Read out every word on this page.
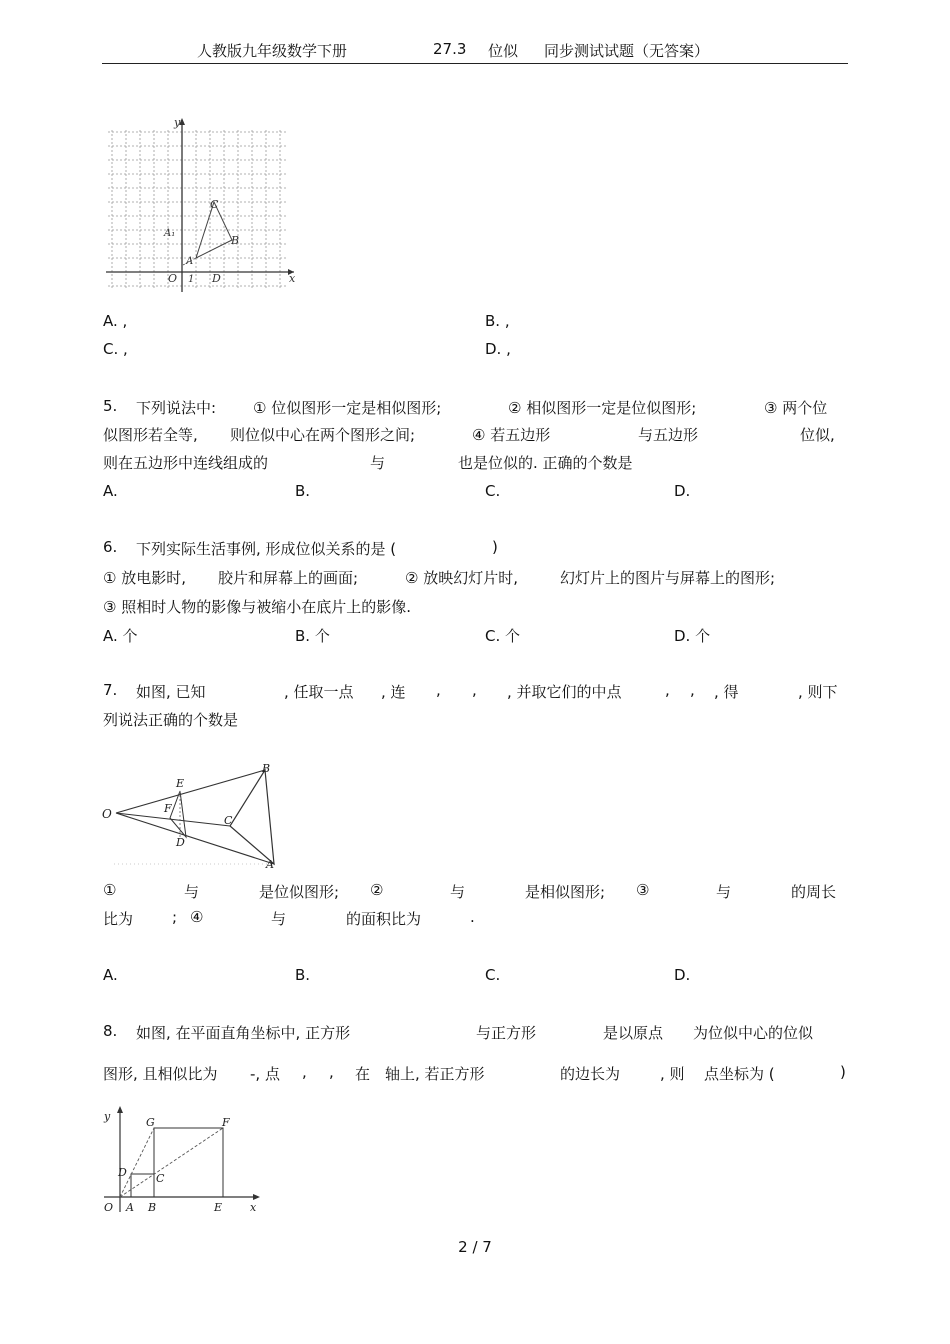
人教版九年级数学下册	27.3 位似 同步测试试题（无答案）
y
x
O
C
B
A
D
A₁
1
A. ,	B. ,
C. ,	D. ,
5. 下列说法中: ① 位似图形一定是相似图形;	② 相似图形一定是位似图形;	③ 两个位
似图形若全等, 则位似中心在两个图形之间;	④ 若五边形	与五边形	位似,
则在五边形中连线组成的	与	也是位似的. 正确的个数是
A.	B.	C.	D.
6. 下列实际生活事例, 形成位似关系的是 (	)
① 放电影时, 胶片和屏幕上的画面;	② 放映幻灯片时,	幻灯片上的图片与屏幕上的图形;
③ 照相时人物的影像与被缩小在底片上的影像.
A. 个	B. 个	C. 个	D. 个
7. 如图, 已知	, 任取一点 , 连 , , , 并取它们的中点	, , , 得	, 则下
列说法正确的个数是
O
B
A
C
D
E
F
①	与	是位似图形; ②	与	是相似图形; ③	与	的周长
比为	; ④	与	的面积比为	.
A.	B.	C.	D.
8. 如图, 在平面直角坐标中, 正方形	与正方形	是以原点 为位似中心的位似
图形, 且相似比为 -, 点 , , 在 轴上, 若正方形	的边长为	, 则 点坐标为 (	)
y
x
O A B	E
C
D
G	F
2 / 7
